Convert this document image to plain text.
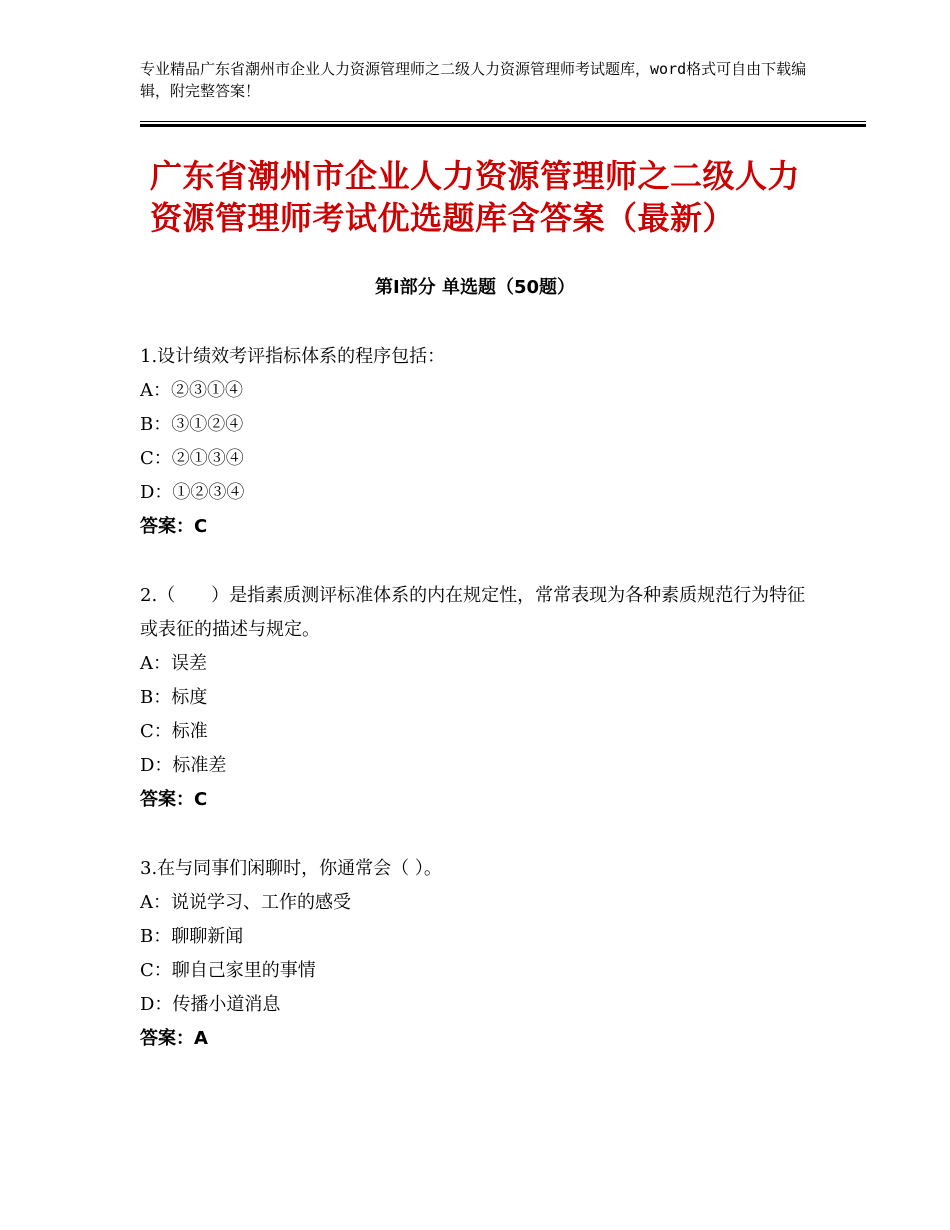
专业精品广东省潮州市企业人力资源管理师之二级人力资源管理师考试题库，word格式可自由下载编辑，附完整答案！
广东省潮州市企业人力资源管理师之二级人力资源管理师考试优选题库含答案（最新）
第Ⅰ部分 单选题（50题）

1.设计绩效考评指标体系的程序包括：

A：②③①④

B：③①②④

C：②①③④

D：①②③④

答案：C

2.（　　）是指素质测评标准体系的内在规定性，常常表现为各种素质规范行为特征或表征的描述与规定。

A：误差

B：标度

C：标准

D：标准差

答案：C

3.在与同事们闲聊时，你通常会（ ）。

A：说说学习、工作的感受

B：聊聊新闻

C：聊自己家里的事情

D：传播小道消息

答案：A
